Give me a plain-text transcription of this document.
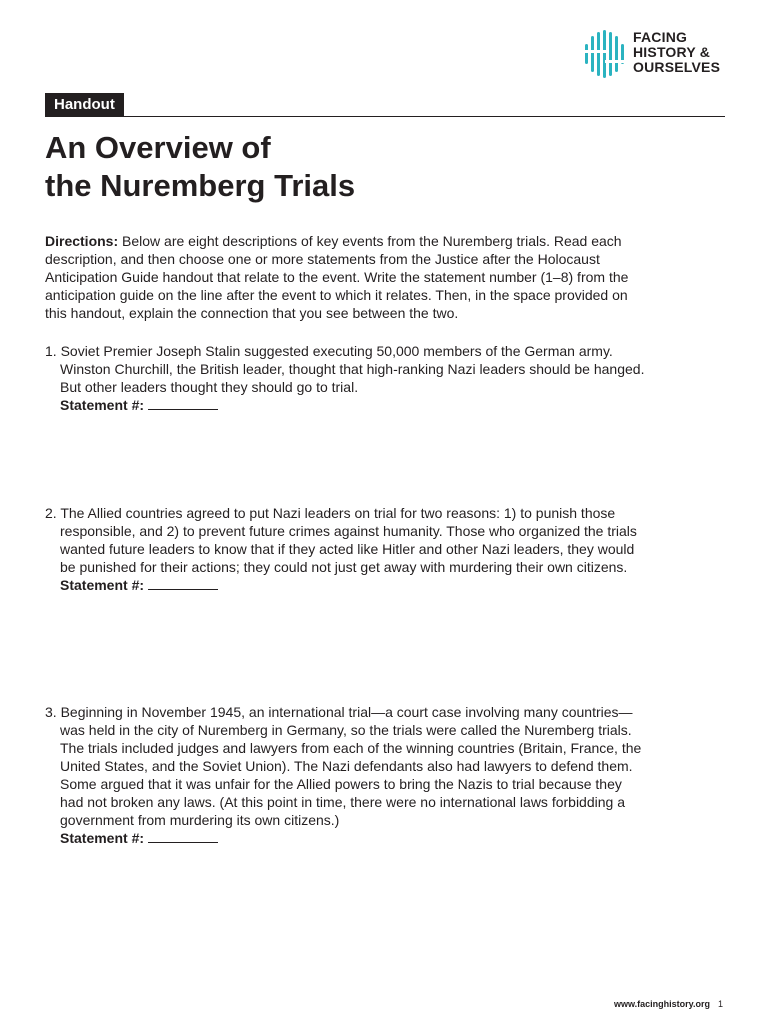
FACING
HISTORY &
OURSELVES
Handout
An Overview of
the Nuremberg Trials

Directions: Below are eight descriptions of key events from the Nuremberg trials. Read each description, and then choose one or more statements from the Justice after the Holocaust Anticipation Guide handout that relate to the event. Write the statement number (1–8) from the anticipation guide on the line after the event to which it relates. Then, in the space provided on this handout, explain the connection that you see between the two.

1. Soviet Premier Joseph Stalin suggested executing 50,000 members of the German army. Winston Churchill, the British leader, thought that high-ranking Nazi leaders should be hanged. But other leaders thought they should go to trial.

Statement #:

2. The Allied countries agreed to put Nazi leaders on trial for two reasons: 1) to punish those responsible, and 2) to prevent future crimes against humanity. Those who organized the trials wanted future leaders to know that if they acted like Hitler and other Nazi leaders, they would be punished for their actions; they could not just get away with murdering their own citizens.

Statement #:

3. Beginning in November 1945, an international trial—a court case involving many countries—was held in the city of Nuremberg in Germany, so the trials were called the Nuremberg trials. The trials included judges and lawyers from each of the winning countries (Britain, France, the United States, and the Soviet Union). The Nazi defendants also had lawyers to defend them. Some argued that it was unfair for the Allied powers to bring the Nazis to trial because they had not broken any laws. (At this point in time, there were no international laws forbidding a government from murdering its own citizens.)

Statement #:

www.facinghistory.org 1
